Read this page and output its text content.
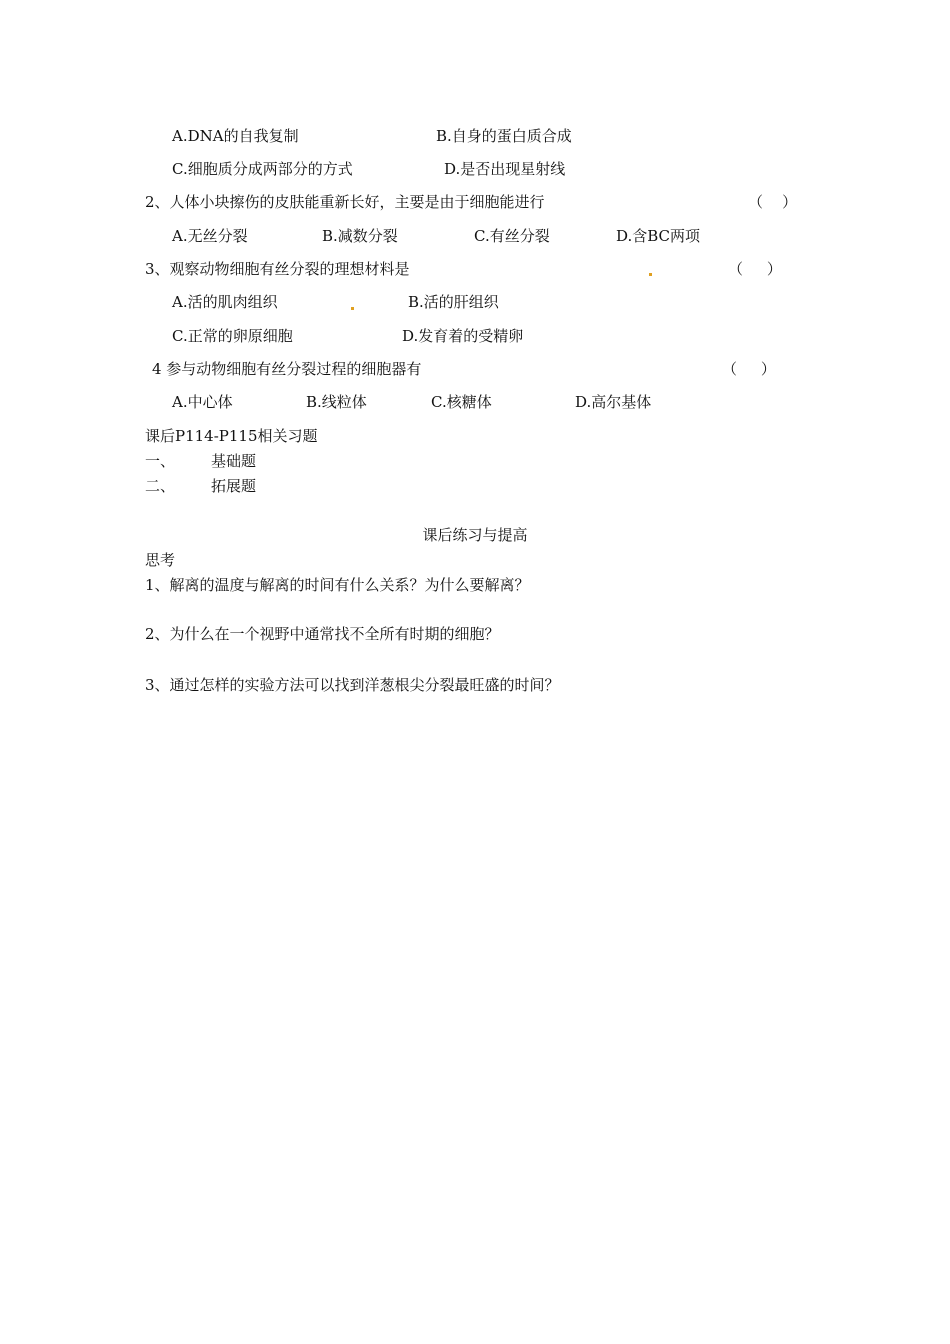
A.DNA的自我复制	B.自身的蛋白质合成
C.细胞质分成两部分的方式	D.是否出现星射线
2、人体小块擦伤的皮肤能重新长好，主要是由于细胞能进行	（    ）
A.无丝分裂	B.减数分裂	C.有丝分裂	D.含BC两项
3、观察动物细胞有丝分裂的理想材料是	（     ）
A.活的肌肉组织	B.活的肝组织
C.正常的卵原细胞	D.发育着的受精卵
4 参与动物细胞有丝分裂过程的细胞器有	（     ）
A.中心体	B.线粒体	C.核糖体	D.高尔基体
课后P114-P115相关习题
一、 基础题
二、 拓展题
课后练习与提高
思考
1、解离的温度与解离的时间有什么关系？为什么要解离？
2、为什么在一个视野中通常找不全所有时期的细胞？
3、通过怎样的实验方法可以找到洋葱根尖分裂最旺盛的时间？
